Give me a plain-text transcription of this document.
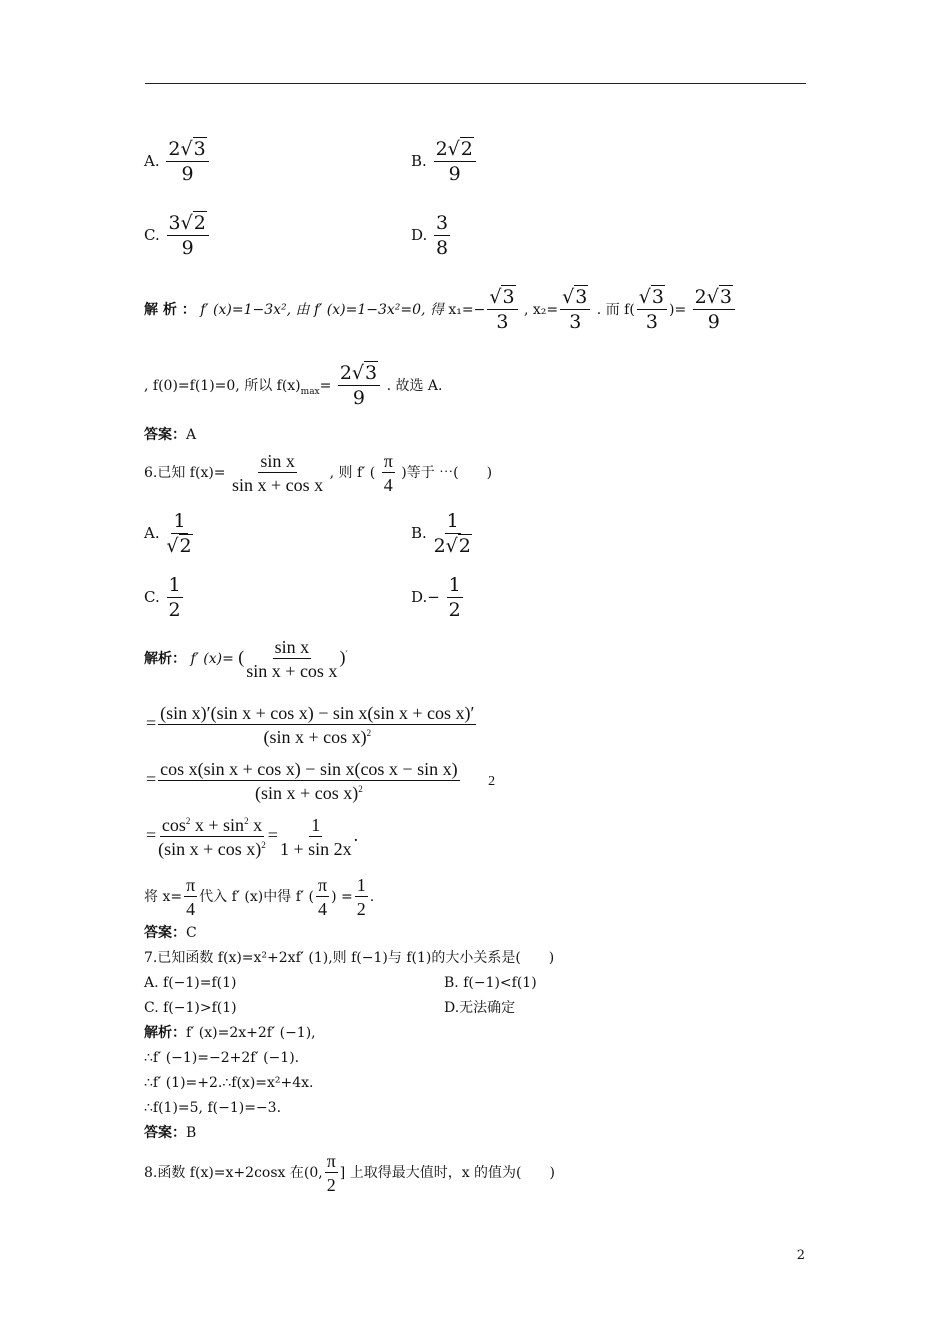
A. $\frac{2√3}{9}$	B. $\frac{2√2}{9}$
C. $\frac{3√2}{9}$	D. $\frac{3}{8}$
解 析 ： f′ (x)=1−3x², 由 f′ (x)=1−3x²=0, 得 $x_1=- \frac{√3}{3}$ , $x_2= \frac{√3}{3}$ . 而 $f( \frac{√3}{3}$ )= $\frac{2√3}{9}$
, f(0)=f(1)=0, 所以 $f(x)_{max}= \frac{2√3}{9}$ . 故选 A.
答案：A
6.已知 $f(x)= \frac{\text{sin x}}{\text{sin x + cos x}}$ , 则 f′ ( $\frac{\pi}{4}$ )等于 ⋯(　　)
A. $\frac{1}{√2}$	B. $\frac{1}{2√2}$
C. $\frac{1}{2}$	$D.- \frac{1}{2}$
解析： f′ (x)= ( $\frac{\text{sin x}}{\text{sin x + cos x}} )'$
= $\frac{\text{(sin x)′(sin x + cos x) − sin x(sin x + cos x)′}}{(\sin x + \cos x)^2}$
= $\frac{\text{cos x(sin x + cos x) − sin x(cos x − sin x)}}{(\sin x + \cos x)^2} 2$
= $\frac{\cos^2 x + \sin^2 x}{(\sin x + \cos x)^2} = \frac{1}{1 + \sin 2x}$ .
将 $x= \frac{\pi}{4}$ 代入 f′ (x)中得 f′ ( $\frac{\pi}{4}$ ) = $\frac{1}{2}$ .
答案：C
7.已知函数 f(x)=x²+2xf′ (1),则 f(−1)与 f(1)的大小关系是(　　)
A. f(−1)=f(1)	B. f(−1)<f(1)
C. f(−1)>f(1)	D.无法确定
解析：f′ (x)=2x+2f′ (−1),
∴f′ (−1)=−2+2f′ (−1).
∴f′ (1)=+2.∴f(x)=x²+4x.
∴f(1)=5, f(−1)=−3.
答案：B
8.函数 f(x)=x+2cosx 在(0, $\frac{\pi}{2}$ ] 上取得最大值时，x 的值为(　　)
2
